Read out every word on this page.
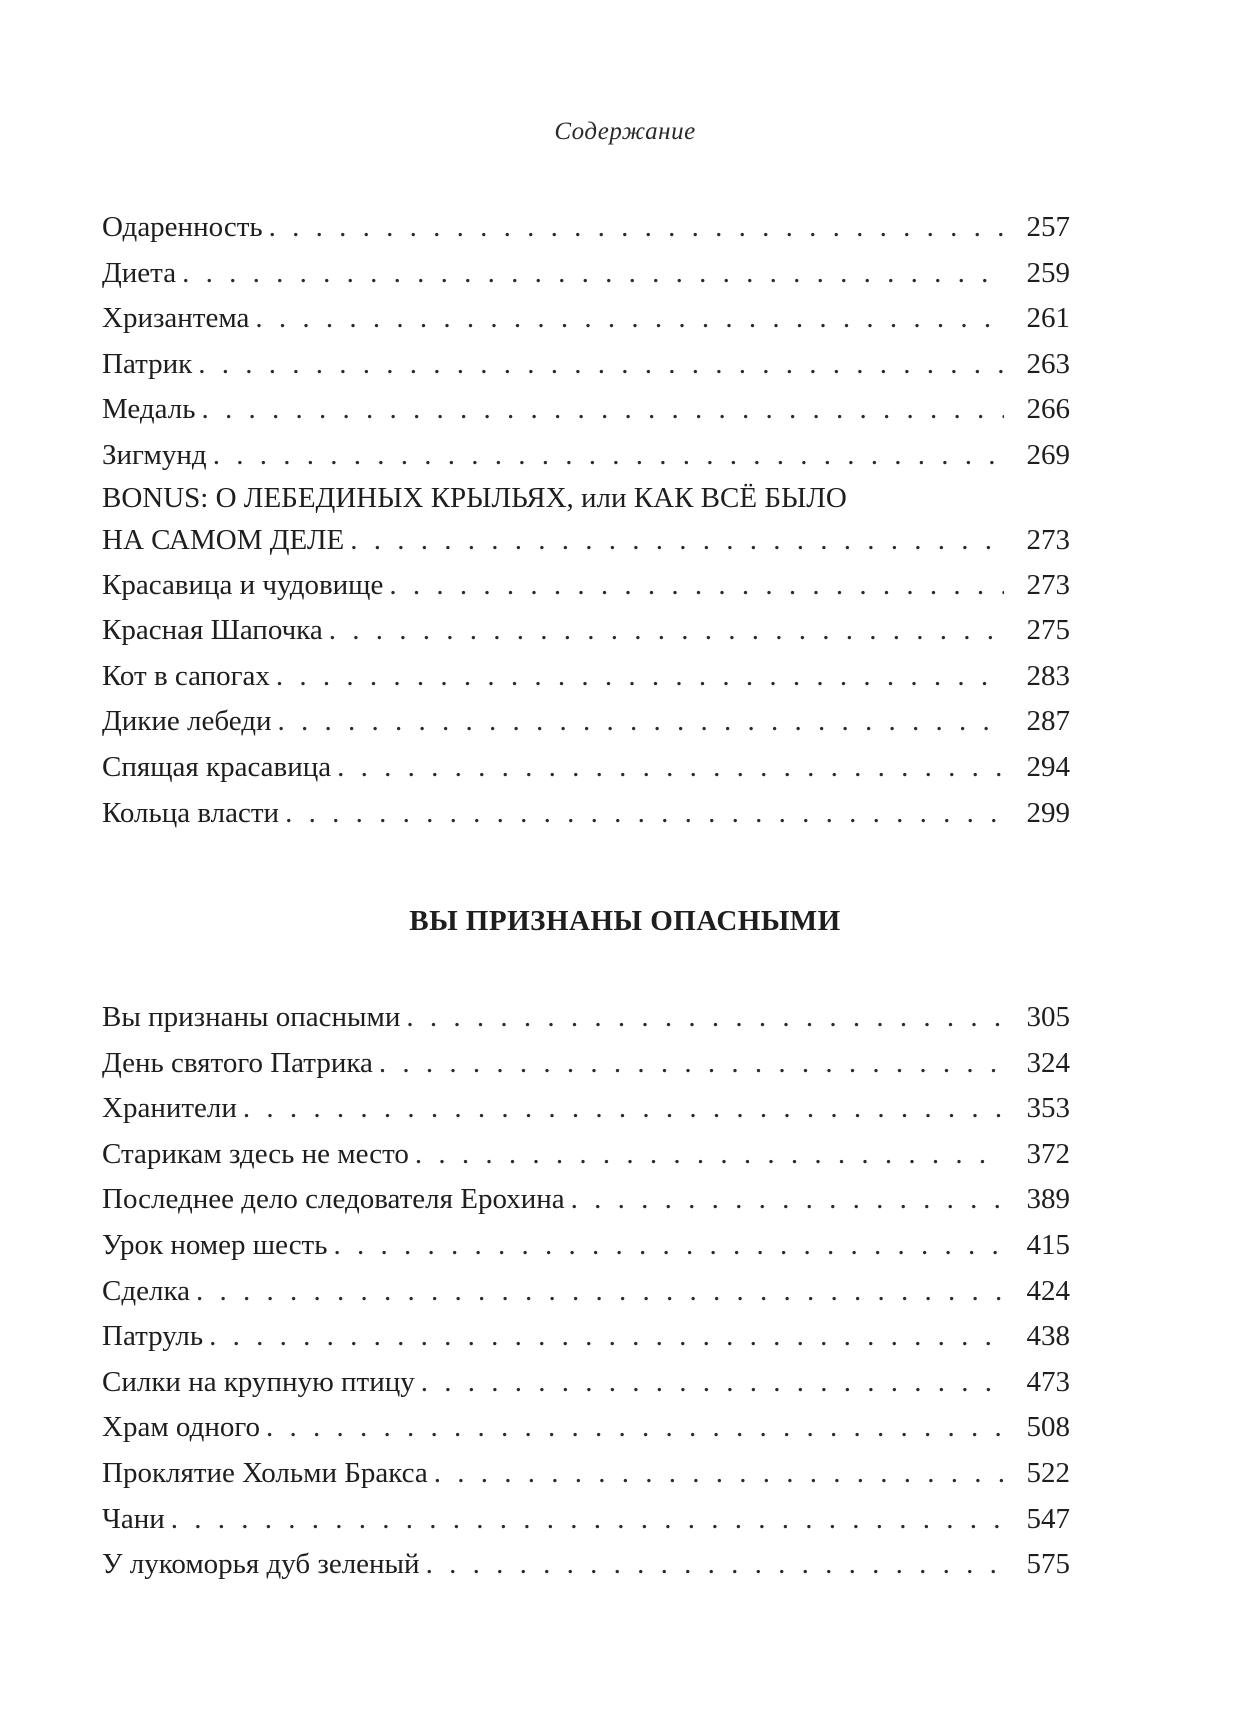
Содержание
Одаренность . . .	257
Диета . . .	259
Хризантема . . .	261
Патрик . . .	263
Медаль . . .	266
Зигмунд . . .	269
BONUS: О ЛЕБЕДИНЫХ КРЫЛЬЯХ, или КАК ВСЁ БЫЛО
НА САМОМ ДЕЛЕ . . .	273
Красавица и чудовище . . .	273
Красная Шапочка . . .	275
Кот в сапогах . . .	283
Дикие лебеди . . .	287
Спящая красавица . . .	294
Кольца власти . . .	299
ВЫ ПРИЗНАНЫ ОПАСНЫМИ
Вы признаны опасными . . .	305
День святого Патрика . . .	324
Хранители . . .	353
Старикам здесь не место . . .	372
Последнее дело следователя Ерохина . . .	389
Урок номер шесть . . .	415
Сделка . . .	424
Патруль . . .	438
Силки на крупную птицу . . .	473
Храм одного . . .	508
Проклятие Хольми Бракса . . .	522
Чани . . .	547
У лукоморья дуб зеленый . . .	575
